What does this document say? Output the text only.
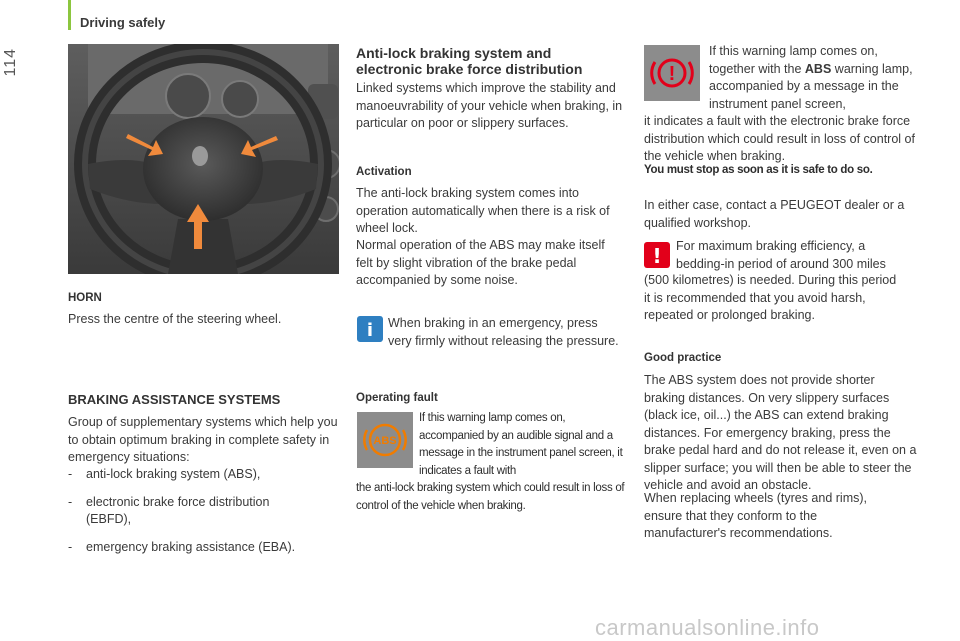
Driving safely
114
HORN

Press the centre of the steering wheel.

BRAKING ASSISTANCE SYSTEMS

Group of supplementary systems which help you to obtain optimum braking in complete safety in emergency situations:

- anti-lock braking system (ABS),
- electronic brake force distribution (EBFD),
- emergency braking assistance (EBA).
Anti-lock braking system and electronic brake force distribution

Linked systems which improve the stability and manoeuvrability of your vehicle when braking, in particular on poor or slippery surfaces.

Activation

The anti-lock braking system comes into operation automatically when there is a risk of wheel lock.

Normal operation of the ABS may make itself felt by slight vibration of the brake pedal accompanied by some noise.

i When braking in an emergency, press very firmly without releasing the pressure.

Operating fault
ABS

If this warning lamp comes on, accompanied by an audible signal and a message in the instrument panel screen, it indicates a fault with

the anti-lock braking system which could result in loss of control of the vehicle when braking.

!

If this warning lamp comes on, together with the ABS warning lamp, accompanied by a message in the instrument panel screen,

it indicates a fault with the electronic brake force distribution which could result in loss of control of the vehicle when braking.

You must stop as soon as it is safe to do so.

In either case, contact a PEUGEOT dealer or a qualified workshop.

! For maximum braking efficiency, a bedding-in period of around 300 miles

(500 kilometres) is needed. During this period it is recommended that you avoid harsh, repeated or prolonged braking.

Good practice

The ABS system does not provide shorter braking distances. On very slippery surfaces (black ice, oil...) the ABS can extend braking distances. For emergency braking, press the brake pedal hard and do not release it, even on a slipper surface; you will then be able to steer the vehicle and avoid an obstacle.

When replacing wheels (tyres and rims), ensure that they conform to the manufacturer's recommendations.

carmanualsonline.info
